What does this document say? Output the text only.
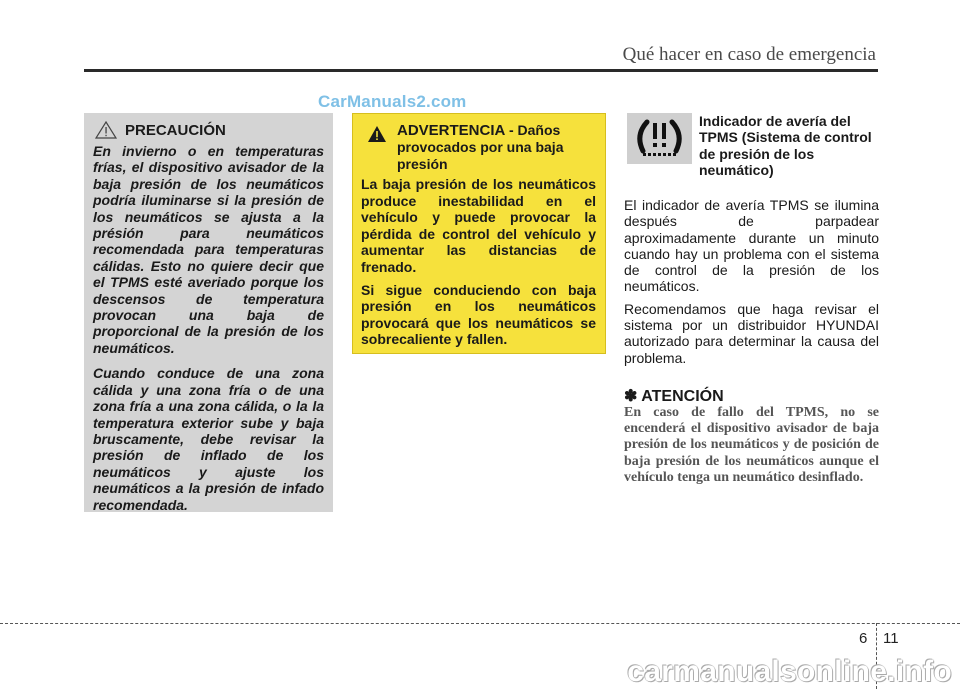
Qué hacer en caso de emergencia
CarManuals2.com
PRECAUCIÓN

En invierno o en temperaturas frías, el dispositivo avisador de la baja presión de los neumáticos podría iluminarse si la presión de los neumáticos se ajusta a la présión para neumáticos recomendada para temperaturas cálidas. Esto no quiere decir que el TPMS esté averiado porque los descensos de temperatura provocan una baja de proporcional de la presión de los neumáticos.

Cuando conduce de una zona cálida y una zona fría o de una zona fría a una zona cálida, o la la temperatura exterior sube y baja bruscamente, debe revisar la presión de inflado de los neumáticos y ajuste los neumáticos a la presión de infado recomendada.

ADVERTENCIA - Daños provocados por una baja presión

La baja presión de los neumáticos produce inestabilidad en el vehículo y puede provocar la pérdida de control del vehículo y aumentar las distancias de frenado.

Si sigue conduciendo con baja presión en los neumáticos provocará que los neumáticos se sobrecaliente y fallen.

Indicador de avería del TPMS (Sistema de control de presión de los neumático)

El indicador de avería TPMS se ilumina después de parpadear aproximadamente durante un minuto cuando hay un problema con el sistema de control de la presión de los neumáticos.

Recomendamos que haga revisar el sistema por un distribuidor HYUNDAI autorizado para determinar la causa del problema.

✽ ATENCIÓN

En caso de fallo del TPMS, no se encenderá el dispositivo avisador de baja presión de los neumáticos y de posición de baja presión de los neumáticos aunque el vehículo tenga un neumático desinflado.

6 11
carmanualsonline.info
